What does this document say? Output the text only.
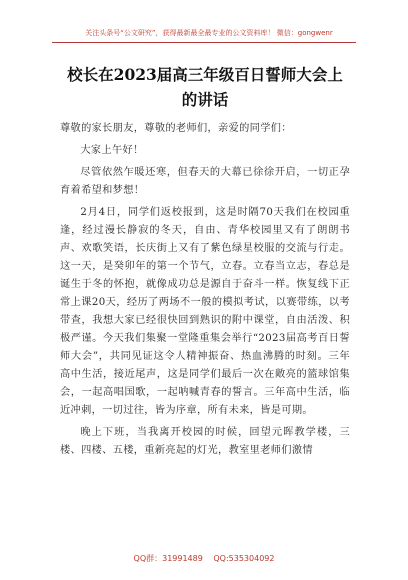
关注头条号“公文研究”，获得最新最全最专业的公文资料库！ 微信：gongwenr
校长在2023届高三年级百日誓师大会上
的讲话

尊敬的家长朋友，尊敬的老师们，亲爱的同学们：

大家上午好！

尽管依然乍暖还寒，但春天的大幕已徐徐开启，一切正孕育着希望和梦想！

2月4日，同学们返校报到，这是时隔70天我们在校园重逢，经过漫长静寂的冬天，自由、青华校园里又有了朗朗书声、欢歌笑语，长庆街上又有了紫色绿星校服的交流与行走。这一天，是癸卯年的第一个节气，立春。立春当立志，春总是诞生于冬的怀抱，就像成功总是源自于奋斗一样。恢复线下正常上课20天，经历了两场不一般的模拟考试，以赛带练，以考带查，我想大家已经很快回到熟识的附中课堂，自由活泼、积极严谨。今天我们集聚一堂隆重集会举行“2023届高考百日誓师大会”，共同见证这令人精神振奋、热血沸腾的时刻。三年高中生活，接近尾声，这是同学们最后一次在敞亮的篮球馆集会，一起高唱国歌，一起呐喊青春的誓言。三年高中生活，临近冲刺，一切过往，皆为序章，所有未来，皆是可期。

晚上下班，当我离开校园的时候，回望元晖教学楼，三楼、四楼、五楼，重新亮起的灯光，教室里老师们激情

QQ群：31991489 QQ:535304092
